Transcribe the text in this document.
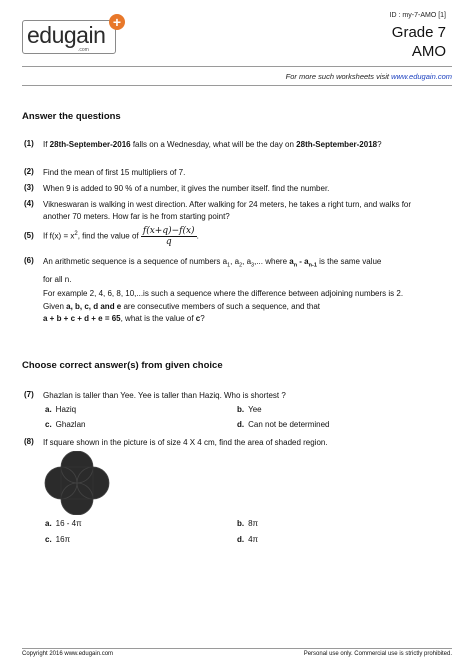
edugain
.com
+	ID : my-7-AMO [1]
Grade 7
AMO
For more such worksheets visit www.edugain.com
Answer the questions
(1) If 28th-September-2016 falls on a Wednesday, what will be the day on 28th-September-2018?
(2) Find the mean of first 15 multipliers of 7.
(3) When 9 is added to 90 % of a number, it gives the number itself. find the number.
(4) Vikneswaran is walking in west direction. After walking for 24 meters, he takes a right turn, and walks for another 70 meters. How far is he from starting point?
(5) If $f(x) = x^2$, find the value of $\frac{f(x+q)-f(x)}{q}$ .
(6) An arithmetic sequence is a sequence of numbers $a_1$, $a_2$, $a_3$,... where $a_n - a_{n-1}$ is the same value
for all n.
For example 2, 4, 6, 8, 10,...is such a sequence where the difference between adjoining numbers is 2.
Given a, b, c, d and e are consecutive members of such a sequence, and that
a + b + c + d + e = 65, what is the value of c?
Choose correct answer(s) from given choice
(7) Ghazlan is taller than Yee. Yee is taller than Haziq. Who is shortest ?
a. Haziq	b. Yee
c. Ghazlan	d. Can not be determined
(8) If square shown in the picture is of size 4 X 4 cm, find the area of shaded region.
a. 16 - 4π	b. 8π
c. 16π	d. 4π
Copyright 2016 www.edugain.com	Personal use only. Commercial use is strictly prohibited.
